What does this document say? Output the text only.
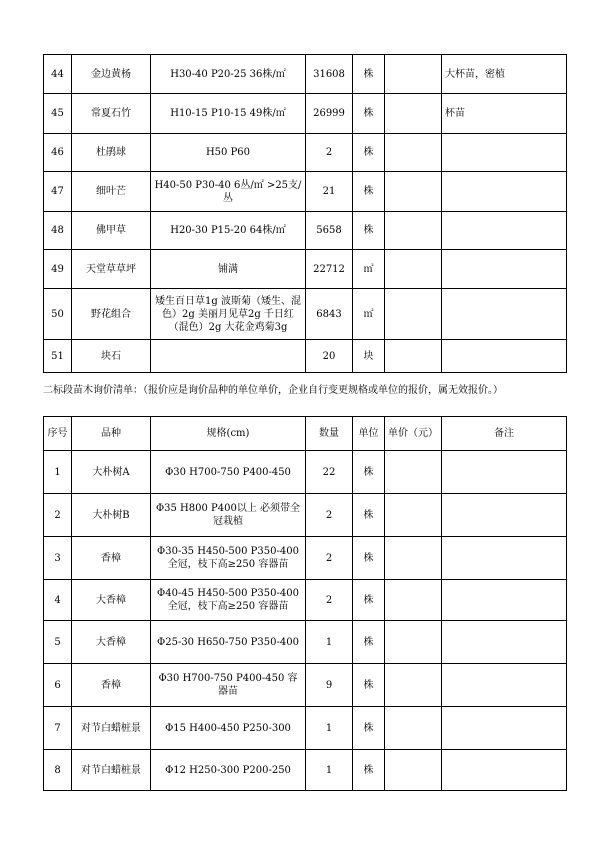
44	金边黄杨	H30-40 P20-25 36株/㎡	31608	株		大杯苗，密植
45	常夏石竹	H10-15 P10-15 49株/㎡	26999	株		杯苗
46	杜鹃球	H50 P60	2	株		
47	细叶芒	H40-50 P30-40 6丛/㎡ >25支/丛	21	株		
48	佛甲草	H20-30 P15-20 64株/㎡	5658	株		
49	天堂草草坪	铺满	22712	㎡		
50	野花组合	矮生百日草1g 波斯菊（矮生、混色）2g 美丽月见草2g 千日红（混色）2g 大花金鸡菊3g	6843	㎡		
51	块石		20	块		
二标段苗木询价清单：（报价应是询价品种的单位单价，企业自行变更规格或单位的报价，属无效报价。）
序号	品种	规格(cm)	数量	单位	单价（元）	备注
1	大朴树A	Φ30 H700-750 P400-450	22	株		
2	大朴树B	Φ35 H800 P400以上 必须带全冠栽植	2	株		
3	香樟	Φ30-35 H450-500 P350-400 全冠，枝下高≥250 容器苗	2	株		
4	大香樟	Φ40-45 H450-500 P350-400 全冠，枝下高≥250 容器苗	2	株		
5	大香樟	Φ25-30 H650-750 P350-400	1	株		
6	香樟	Φ30 H700-750 P400-450 容器苗	9	株		
7	对节白蜡桩景	Φ15 H400-450 P250-300	1	株		
8	对节白蜡桩景	Φ12 H250-300 P200-250	1	株		
